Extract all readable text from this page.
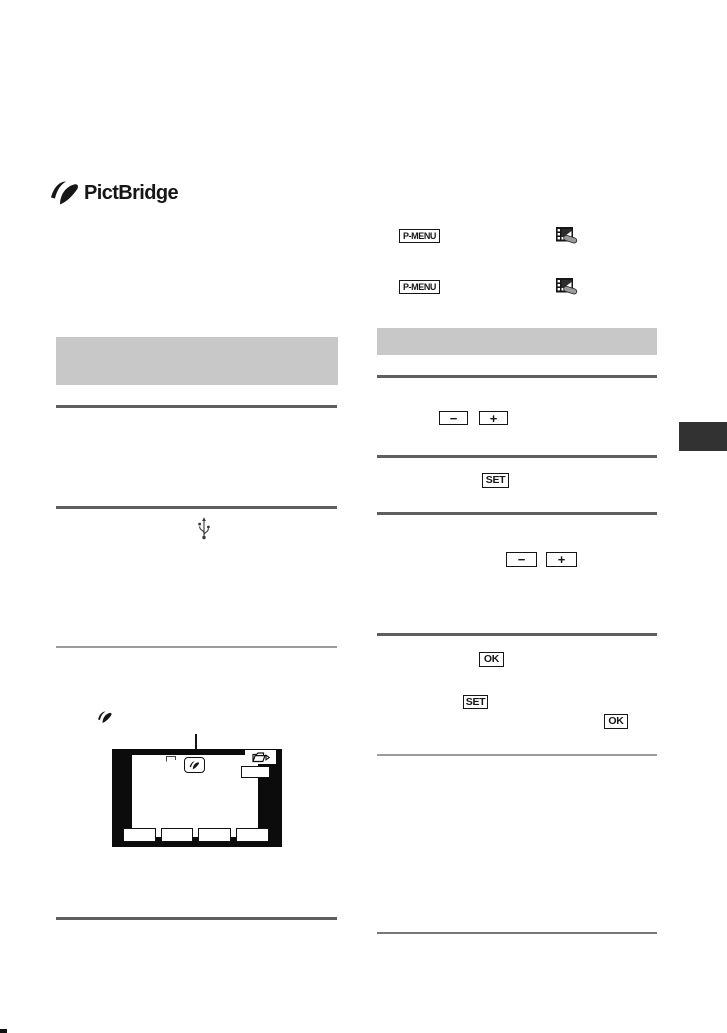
PictBridge
P-MENU
P-MENU
−	+
SET
−	+
OK
SET
OK
